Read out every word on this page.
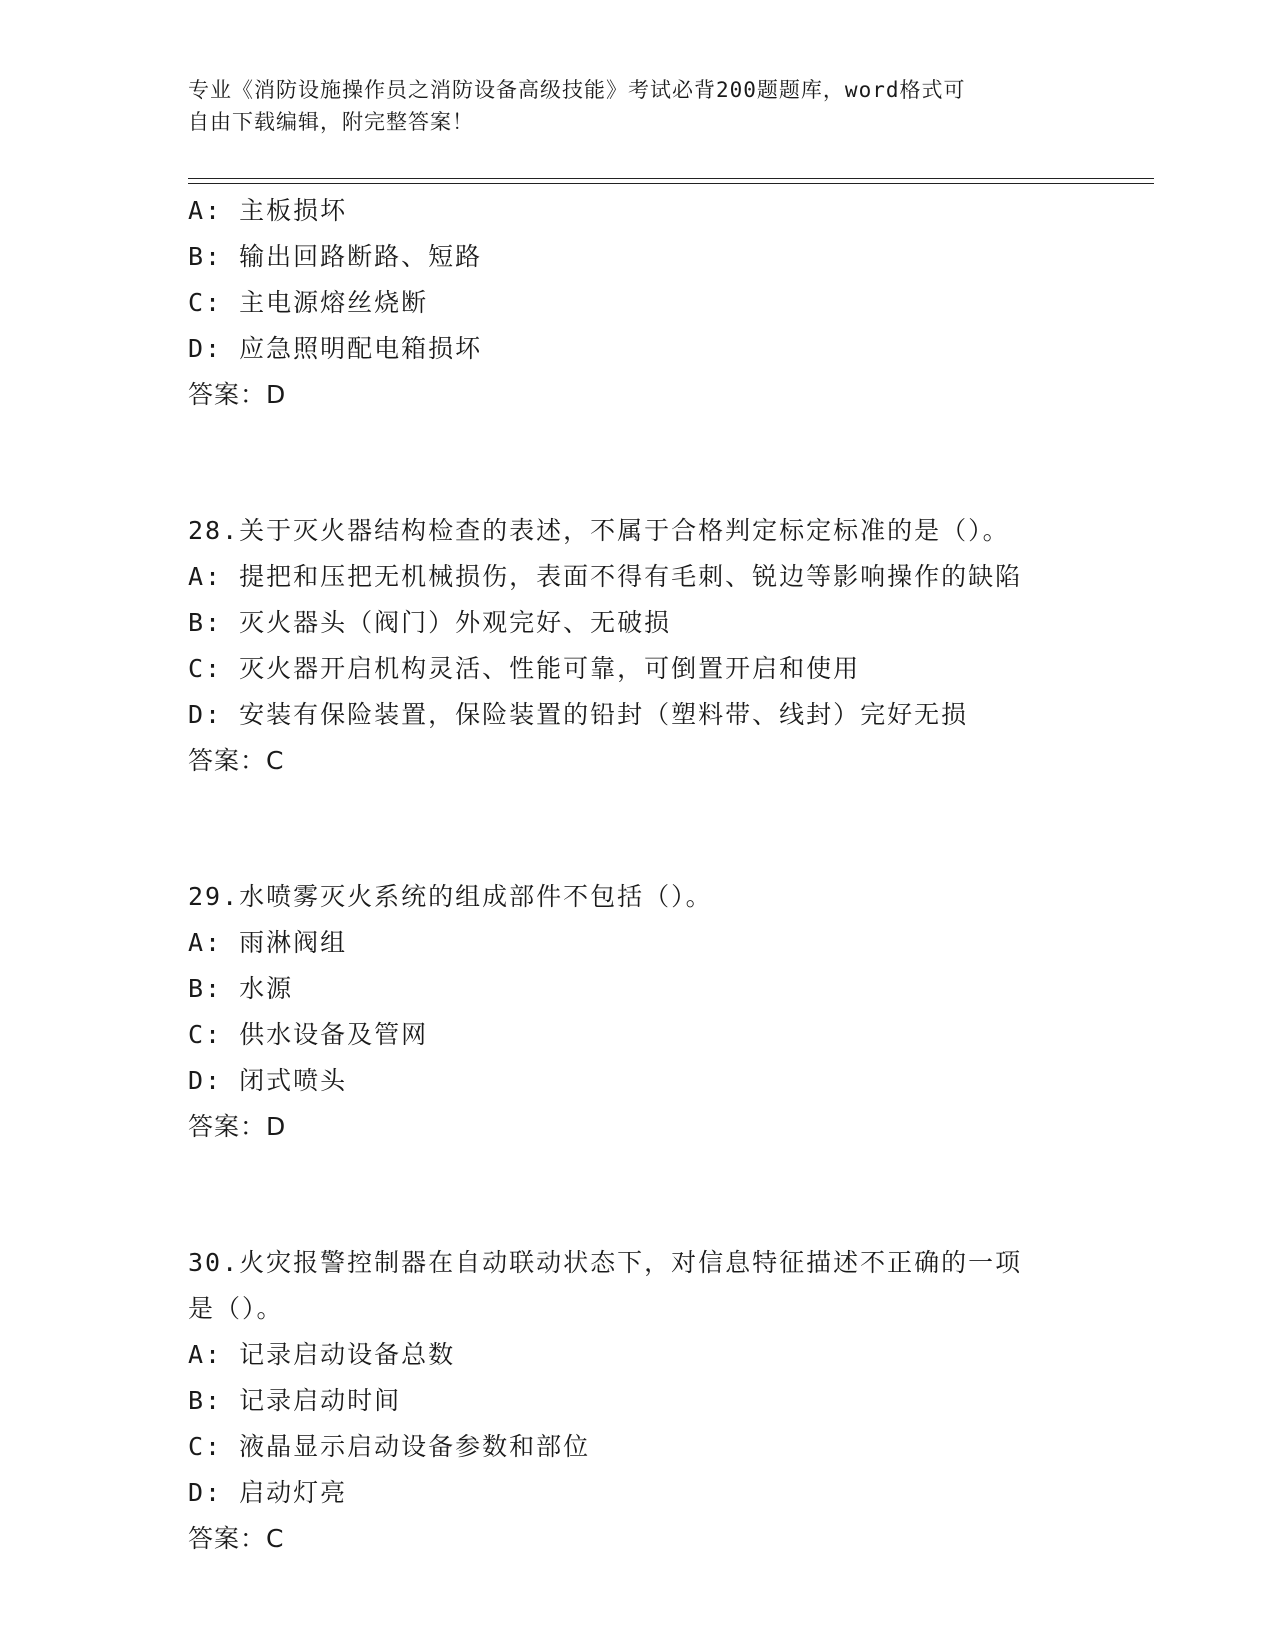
专业《消防设施操作员之消防设备高级技能》考试必背200题题库，word格式可
自由下载编辑，附完整答案！
A: 主板损坏
B: 输出回路断路、短路
C: 主电源熔丝烧断
D: 应急照明配电箱损坏
答案：D
28.关于灭火器结构检查的表述，不属于合格判定标定标准的是（）。
A: 提把和压把无机械损伤，表面不得有毛刺、锐边等影响操作的缺陷
B: 灭火器头（阀门）外观完好、无破损
C: 灭火器开启机构灵活、性能可靠，可倒置开启和使用
D: 安装有保险装置，保险装置的铅封（塑料带、线封）完好无损
答案：C
29.水喷雾灭火系统的组成部件不包括（）。
A: 雨淋阀组
B: 水源
C: 供水设备及管网
D: 闭式喷头
答案：D
30.火灾报警控制器在自动联动状态下，对信息特征描述不正确的一项
是（）。
A: 记录启动设备总数
B: 记录启动时间
C: 液晶显示启动设备参数和部位
D: 启动灯亮
答案：C
